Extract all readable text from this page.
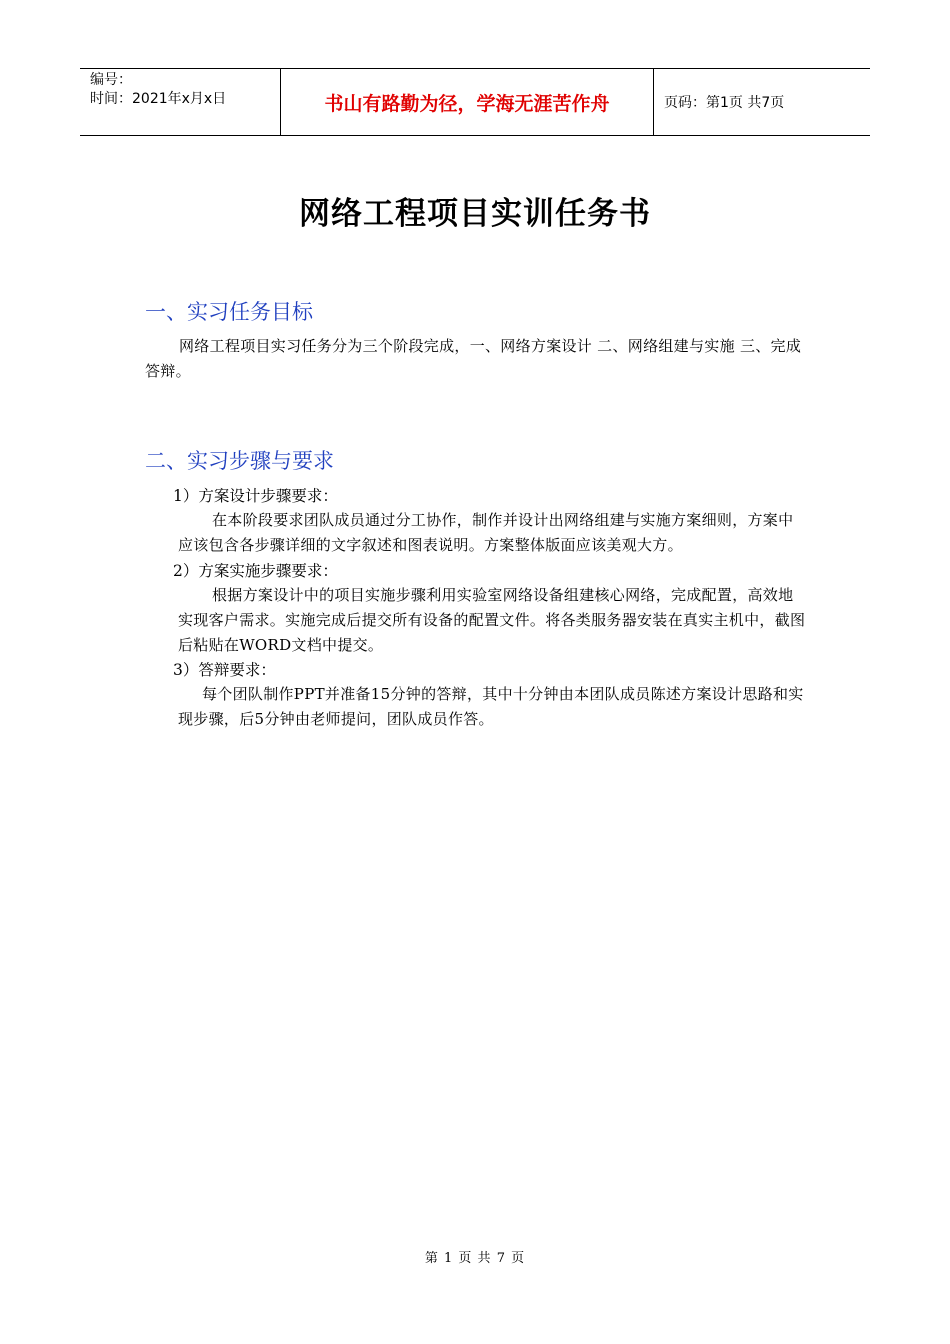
编号：
时间：2021年x月x日	书山有路勤为径，学海无涯苦作舟	页码：第1页 共7页
网络工程项目实训任务书
一、实习任务目标
网络工程项目实习任务分为三个阶段完成，一、网络方案设计 二、网络组建与实施 三、完成答辩。
二、实习步骤与要求
1）方案设计步骤要求：
在本阶段要求团队成员通过分工协作，制作并设计出网络组建与实施方案细则，方案中应该包含各步骤详细的文字叙述和图表说明。方案整体版面应该美观大方。
2）方案实施步骤要求：
根据方案设计中的项目实施步骤利用实验室网络设备组建核心网络，完成配置，高效地实现客户需求。实施完成后提交所有设备的配置文件。将各类服务器安装在真实主机中，截图后粘贴在WORD文档中提交。
3）答辩要求：
每个团队制作PPT并准备15分钟的答辩，其中十分钟由本团队成员陈述方案设计思路和实现步骤，后5分钟由老师提问，团队成员作答。
第 1 页 共 7 页
